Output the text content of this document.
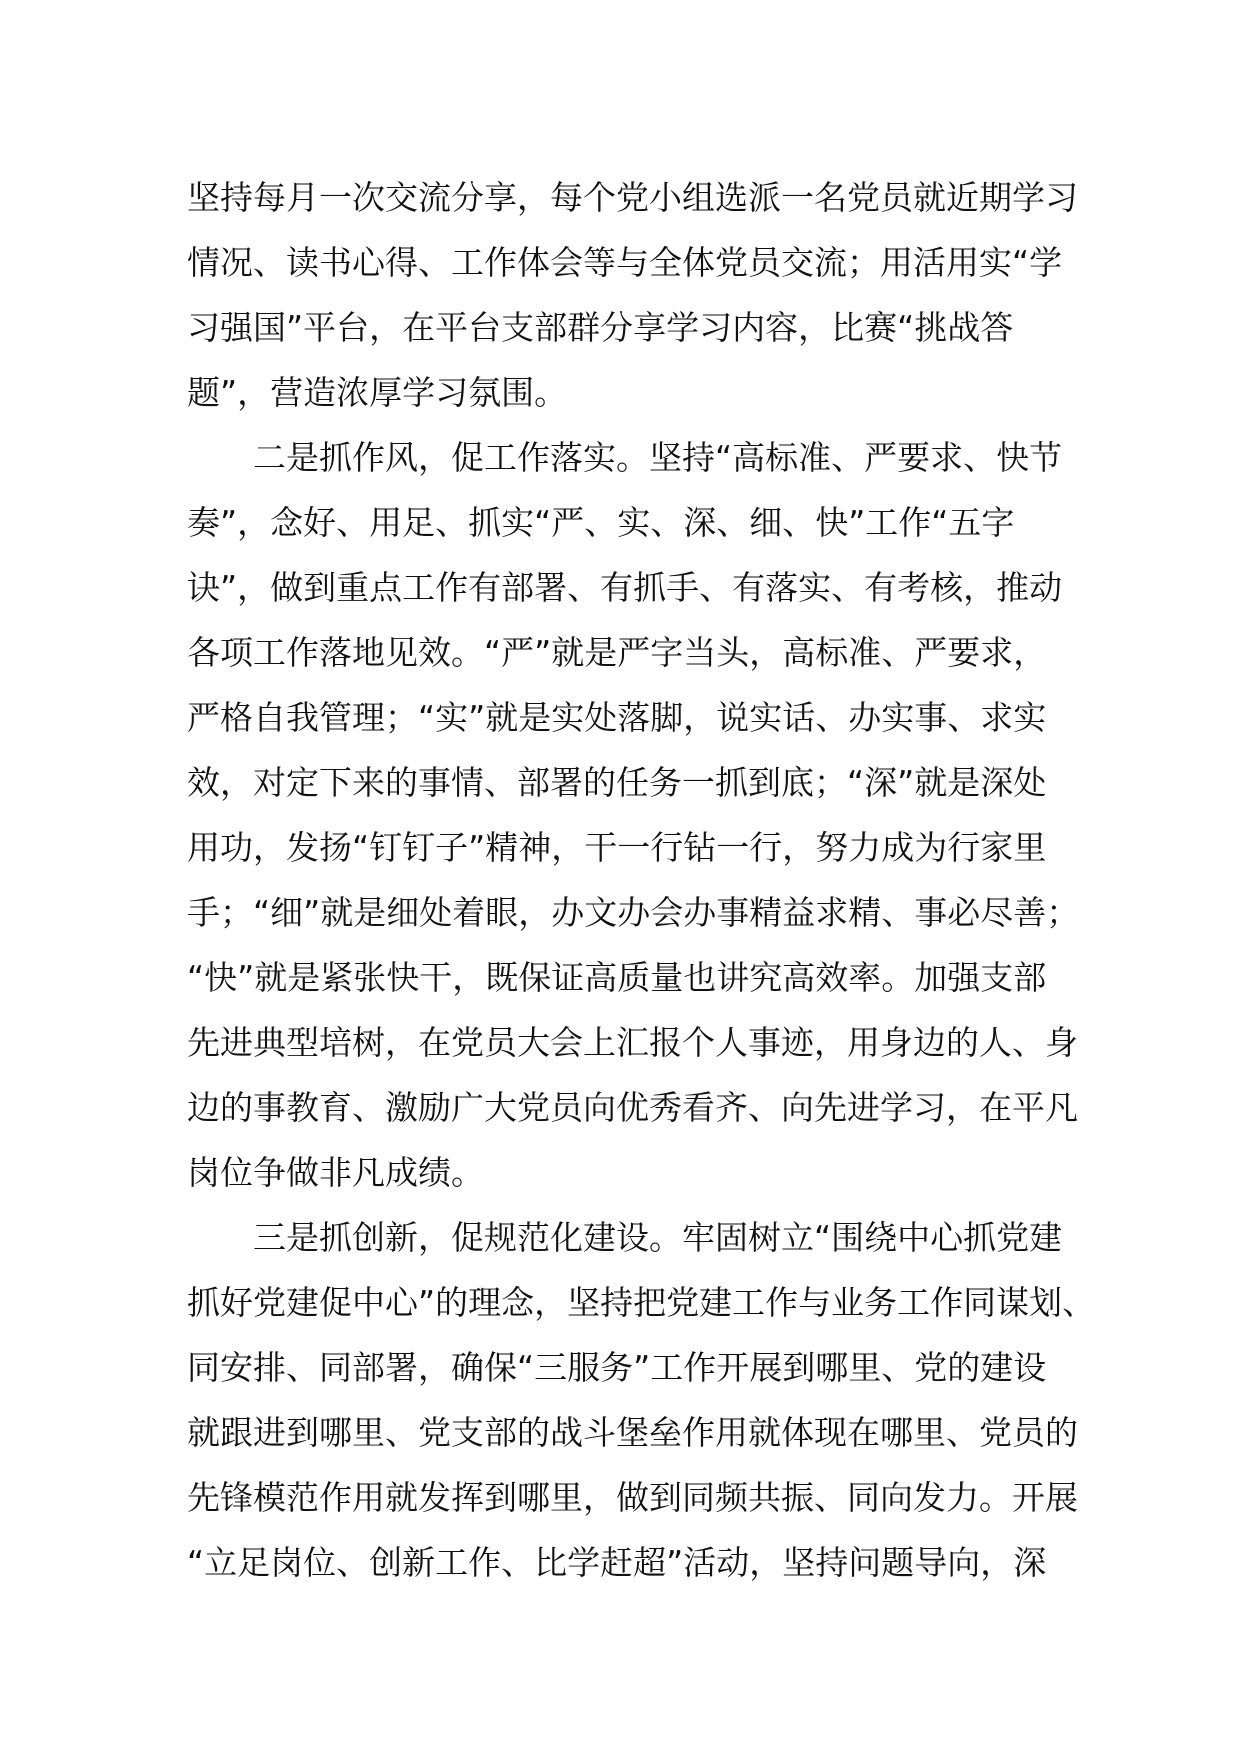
坚持每月一次交流分享，每个党小组选派一名党员就近期学习
情况、读书心得、工作体会等与全体党员交流；用活用实“学
习强国”平台，在平台支部群分享学习内容，比赛“挑战答
题”，营造浓厚学习氛围。
　　二是抓作风，促工作落实。坚持“高标准、严要求、快节
奏”，念好、用足、抓实“严、实、深、细、快”工作“五字
诀”，做到重点工作有部署、有抓手、有落实、有考核，推动
各项工作落地见效。“严”就是严字当头，高标准、严要求，
严格自我管理；“实”就是实处落脚，说实话、办实事、求实
效，对定下来的事情、部署的任务一抓到底；“深”就是深处
用功，发扬“钉钉子”精神，干一行钻一行，努力成为行家里
手；“细”就是细处着眼，办文办会办事精益求精、事必尽善；
“快”就是紧张快干，既保证高质量也讲究高效率。加强支部
先进典型培树，在党员大会上汇报个人事迹，用身边的人、身
边的事教育、激励广大党员向优秀看齐、向先进学习，在平凡
岗位争做非凡成绩。
　　三是抓创新，促规范化建设。牢固树立“围绕中心抓党建
抓好党建促中心”的理念，坚持把党建工作与业务工作同谋划、
同安排、同部署，确保“三服务”工作开展到哪里、党的建设
就跟进到哪里、党支部的战斗堡垒作用就体现在哪里、党员的
先锋模范作用就发挥到哪里，做到同频共振、同向发力。开展
“立足岗位、创新工作、比学赶超”活动，坚持问题导向，深
